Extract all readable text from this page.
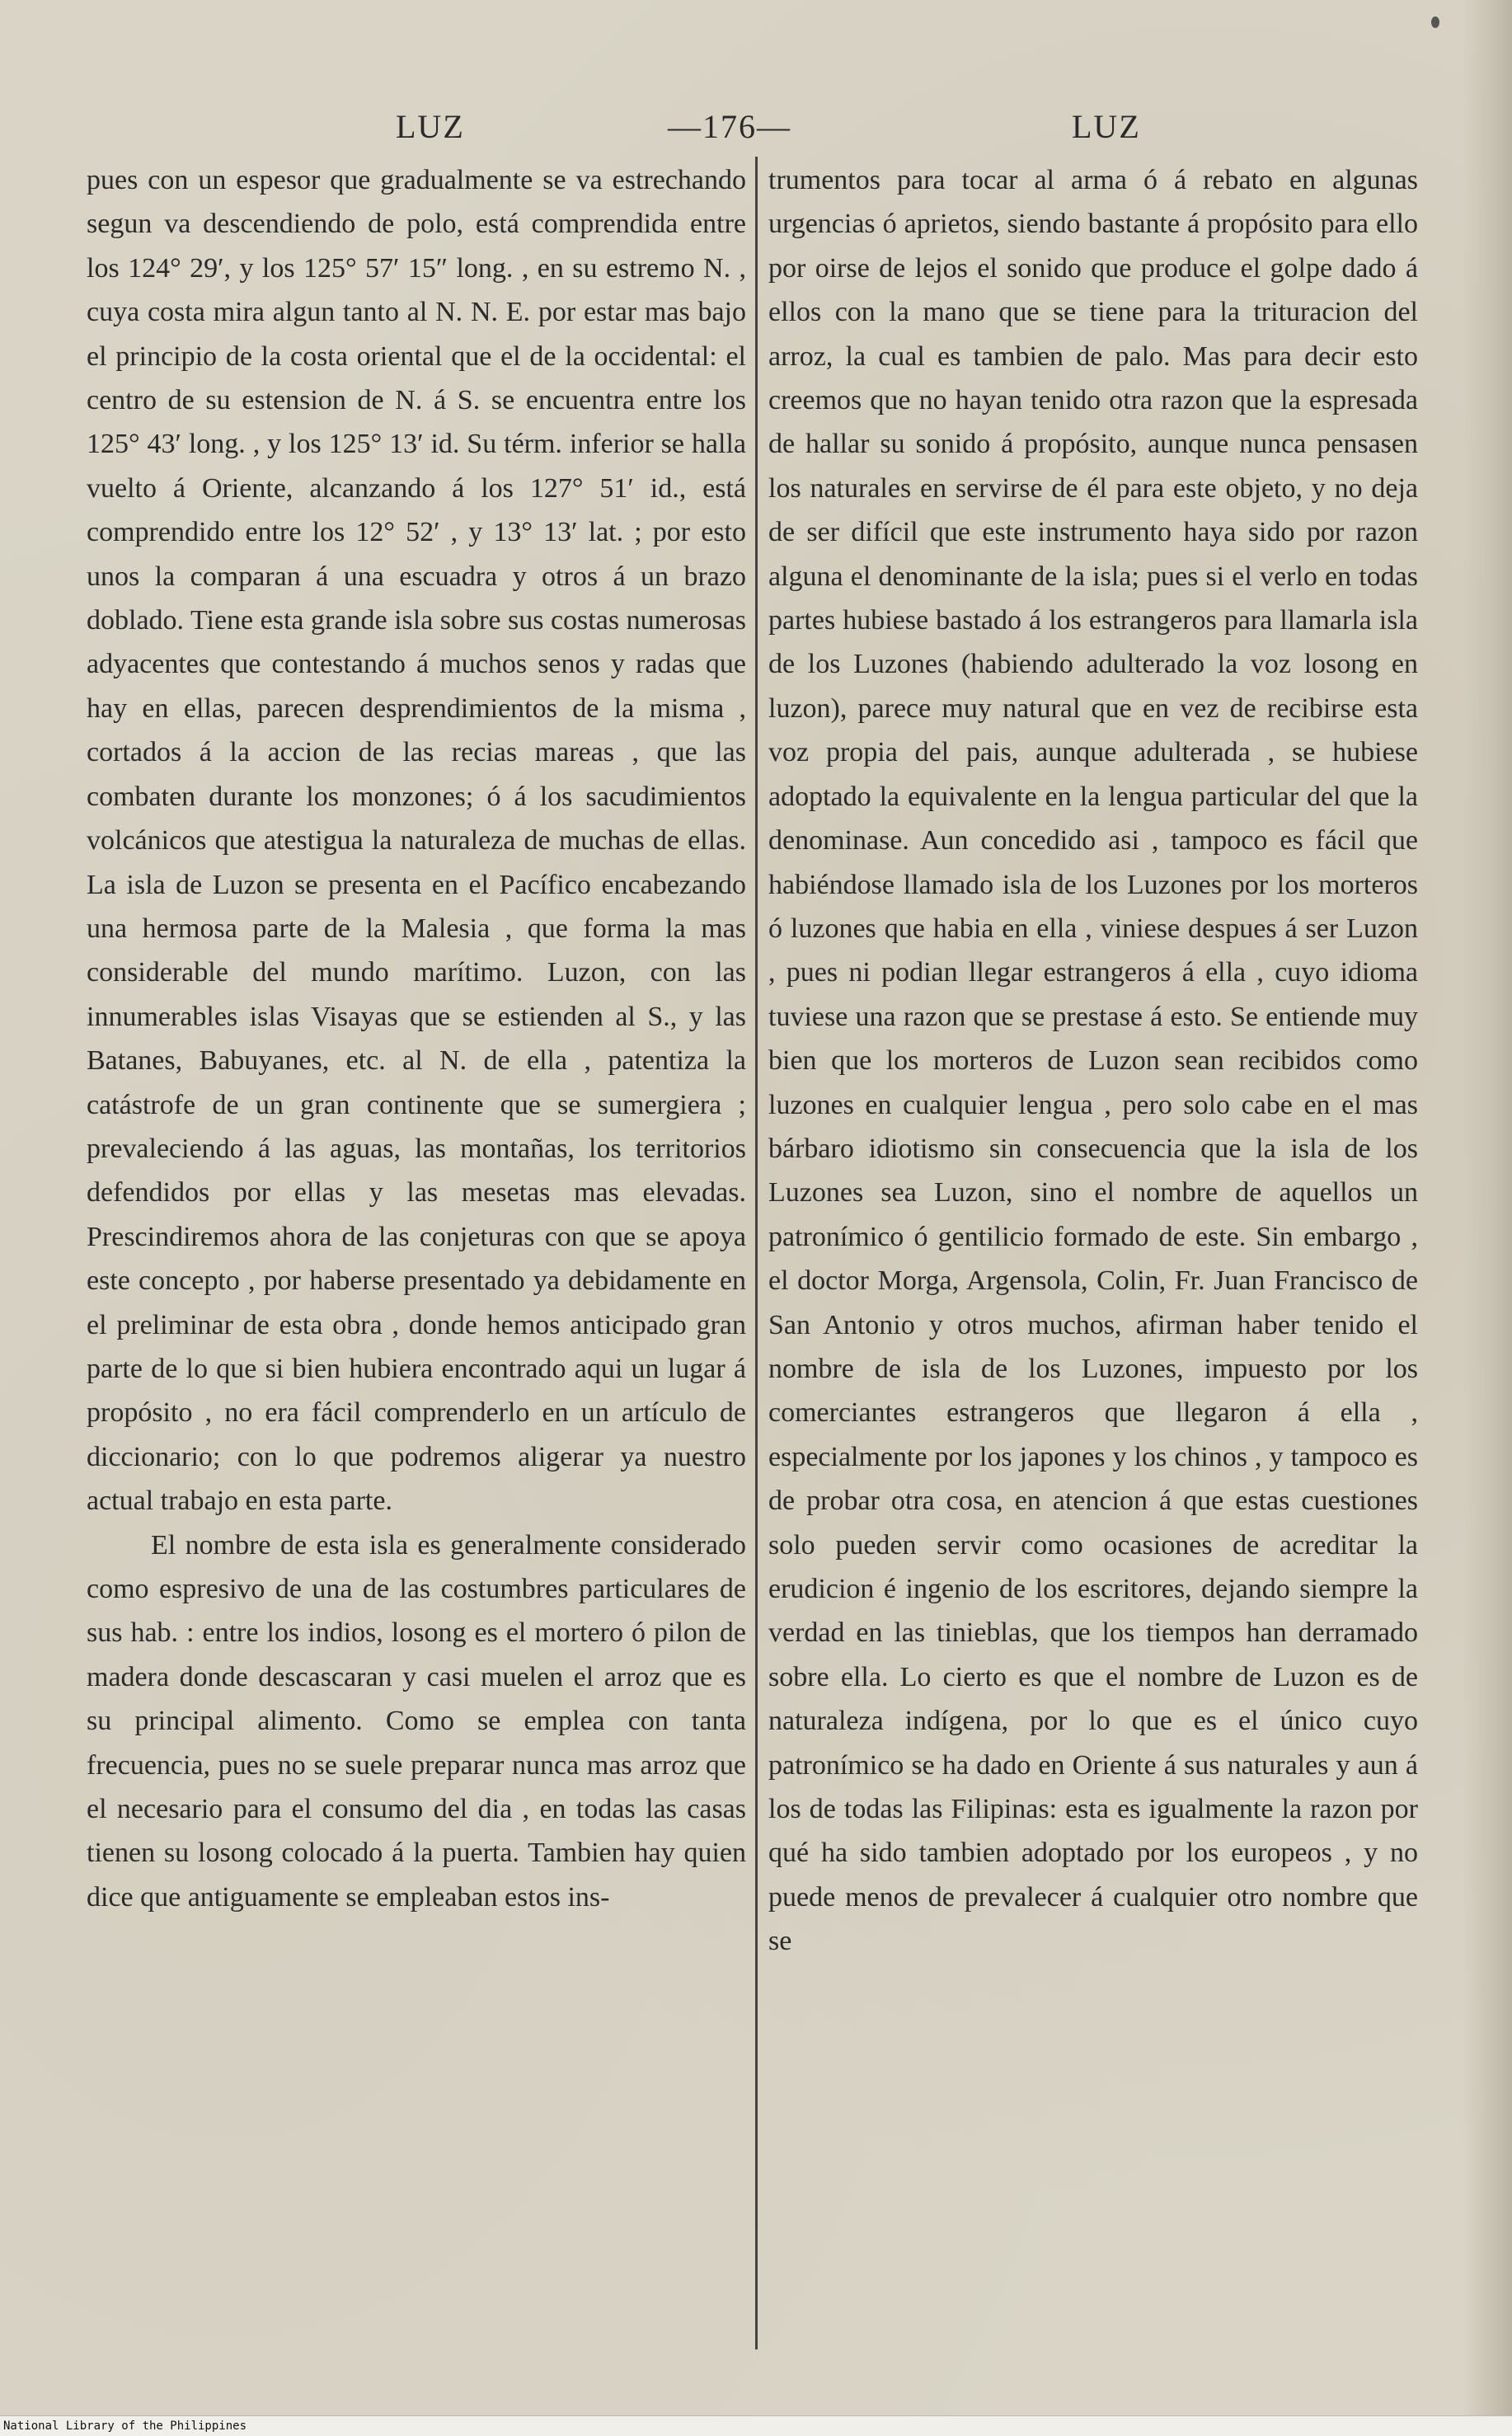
LUZ	—176—	LUZ

pues con un espesor que gradualmente se va estrechando segun va descendiendo de polo, está comprendida entre los 124° 29′, y los 125° 57′ 15″ long. , en su estremo N. , cuya costa mira algun tanto al N. N. E. por estar mas bajo el principio de la costa oriental que el de la occidental: el centro de su estension de N. á S. se encuentra entre los 125° 43′ long. , y los 125° 13′ id. Su térm. inferior se halla vuelto á Oriente, alcanzando á los 127° 51′ id., está comprendido entre los 12° 52′ , y 13° 13′ lat. ; por esto unos la comparan á una escuadra y otros á un brazo doblado. Tiene esta grande isla sobre sus costas numerosas adyacentes que contestando á muchos senos y radas que hay en ellas, parecen desprendimientos de la misma , cortados á la accion de las recias mareas , que las combaten durante los monzones; ó á los sacudimientos volcánicos que atestigua la naturaleza de muchas de ellas. La isla de Luzon se presenta en el Pacífico encabezando una hermosa parte de la Malesia , que forma la mas considerable del mundo marítimo. Luzon, con las innumerables islas Visayas que se estienden al S., y las Batanes, Babuyanes, etc. al N. de ella , patentiza la catástrofe de un gran continente que se sumergiera ; prevaleciendo á las aguas, las montañas, los territorios defendidos por ellas y las mesetas mas elevadas. Prescindiremos ahora de las conjeturas con que se apoya este concepto , por haberse presentado ya debidamente en el preliminar de esta obra , donde hemos anticipado gran parte de lo que si bien hubiera encontrado aqui un lugar á propósito , no era fácil comprenderlo en un artículo de diccionario; con lo que podremos aligerar ya nuestro actual trabajo en esta parte.

El nombre de esta isla es generalmente considerado como espresivo de una de las costumbres particulares de sus hab. : entre los indios, losong es el mortero ó pilon de madera donde descascaran y casi muelen el arroz que es su principal alimento. Como se emplea con tanta frecuencia, pues no se suele preparar nunca mas arroz que el necesario para el consumo del dia , en todas las casas tienen su losong colocado á la puerta. Tambien hay quien dice que antiguamente se empleaban estos ins-

trumentos para tocar al arma ó á rebato en algunas urgencias ó aprietos, siendo bastante á propósito para ello por oirse de lejos el sonido que produce el golpe dado á ellos con la mano que se tiene para la trituracion del arroz, la cual es tambien de palo. Mas para decir esto creemos que no hayan tenido otra razon que la espresada de hallar su sonido á propósito, aunque nunca pensasen los naturales en servirse de él para este objeto, y no deja de ser difícil que este instrumento haya sido por razon alguna el denominante de la isla; pues si el verlo en todas partes hubiese bastado á los estrangeros para llamarla isla de los Luzones (habiendo adulterado la voz losong en luzon), parece muy natural que en vez de recibirse esta voz propia del pais, aunque adulterada , se hubiese adoptado la equivalente en la lengua particular del que la denominase. Aun concedido asi , tampoco es fácil que habiéndose llamado isla de los Luzones por los morteros ó luzones que habia en ella , viniese despues á ser Luzon , pues ni podian llegar estrangeros á ella , cuyo idioma tuviese una razon que se prestase á esto. Se entiende muy bien que los morteros de Luzon sean recibidos como luzones en cualquier lengua , pero solo cabe en el mas bárbaro idiotismo sin consecuencia que la isla de los Luzones sea Luzon, sino el nombre de aquellos un patronímico ó gentilicio formado de este. Sin embargo , el doctor Morga, Argensola, Colin, Fr. Juan Francisco de San Antonio y otros muchos, afirman haber tenido el nombre de isla de los Luzones, impuesto por los comerciantes estrangeros que llegaron á ella , especialmente por los japones y los chinos , y tampoco es de probar otra cosa, en atencion á que estas cuestiones solo pueden servir como ocasiones de acreditar la erudicion é ingenio de los escritores, dejando siempre la verdad en las tinieblas, que los tiempos han derramado sobre ella. Lo cierto es que el nombre de Luzon es de naturaleza indígena, por lo que es el único cuyo patronímico se ha dado en Oriente á sus naturales y aun á los de todas las Filipinas: esta es igualmente la razon por qué ha sido tambien adoptado por los europeos , y no puede menos de prevalecer á cualquier otro nombre que se

National Library of the Philippines
